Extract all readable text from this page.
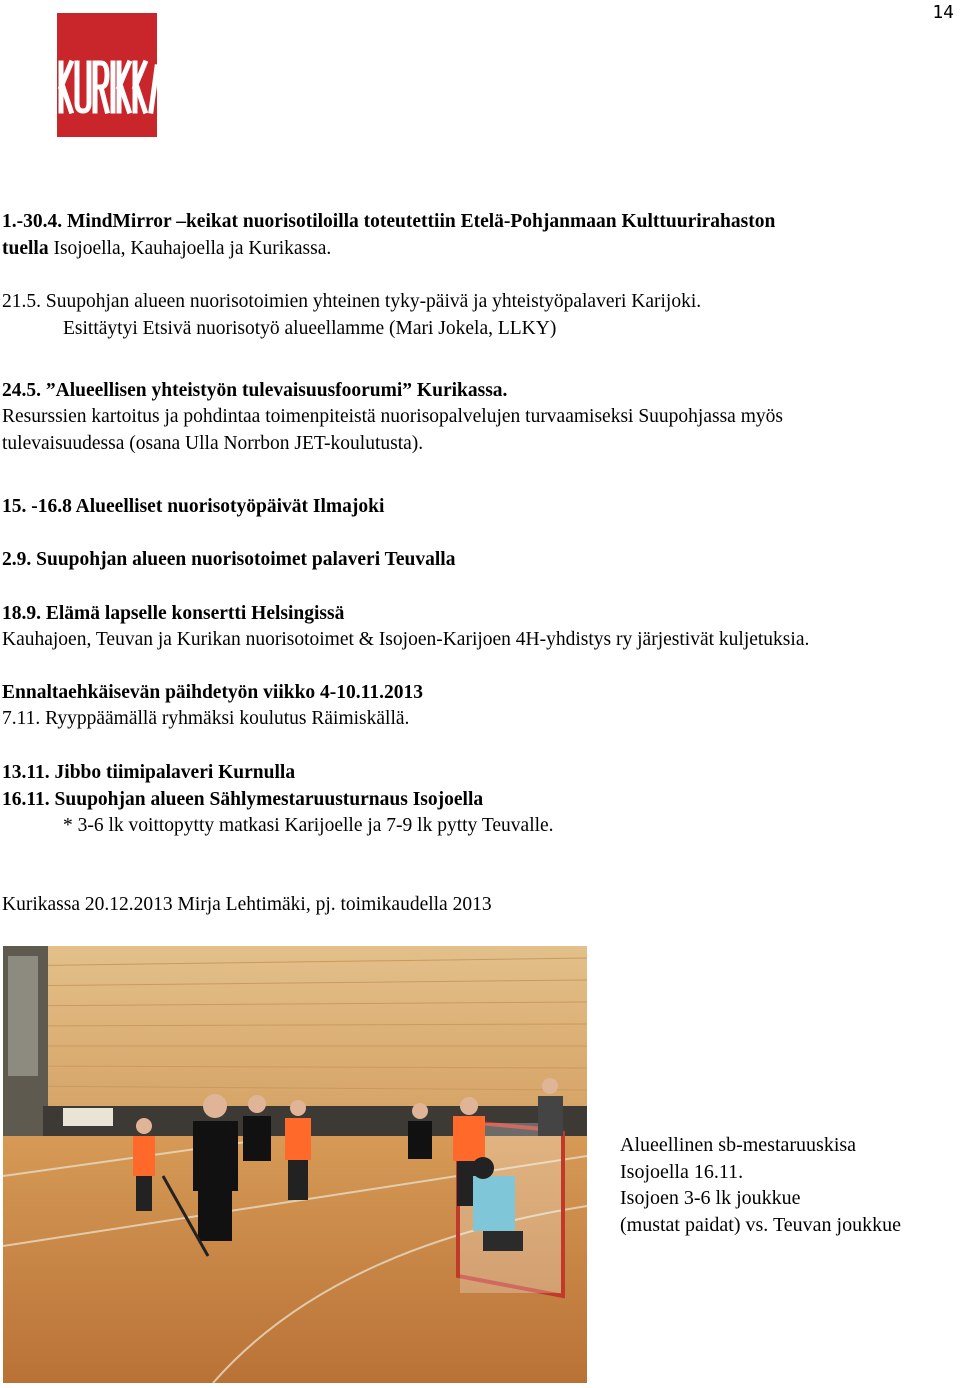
14
1.-30.4. MindMirror –keikat nuorisotiloilla toteutettiin Etelä-Pohjanmaan Kulttuurirahaston
tuella Isojoella, Kauhajoella ja Kurikassa.
21.5. Suupohjan alueen nuorisotoimien yhteinen tyky-päivä ja yhteistyöpalaveri Karijoki.
Esittäytyi Etsivä nuorisotyö alueellamme (Mari Jokela, LLKY)
24.5. ”Alueellisen yhteistyön tulevaisuusfoorumi” Kurikassa.
Resurssien kartoitus ja pohdintaa toimenpiteistä nuorisopalvelujen turvaamiseksi Suupohjassa myös
tulevaisuudessa (osana Ulla Norrbon JET-koulutusta).
15. -16.8 Alueelliset nuorisotyöpäivät Ilmajoki
2.9. Suupohjan alueen nuorisotoimet palaveri Teuvalla
18.9. Elämä lapselle konsertti Helsingissä
Kauhajoen, Teuvan ja Kurikan nuorisotoimet & Isojoen-Karijoen 4H-yhdistys ry järjestivät kuljetuksia.
Ennaltaehkäisevän päihdetyön viikko 4-10.11.2013
7.11. Ryyppäämällä ryhmäksi koulutus Räimiskällä.
13.11. Jibbo tiimipalaveri Kurnulla
16.11. Suupohjan alueen Sählymestaruusturnaus Isojoella
* 3-6 lk voittopytty matkasi Karijoelle ja 7-9 lk pytty Teuvalle.
Kurikassa 20.12.2013 Mirja Lehtimäki, pj. toimikaudella 2013
Alueellinen sb-mestaruuskisa
Isojoella 16.11.
Isojoen 3-6 lk joukkue
(mustat paidat) vs. Teuvan joukkue
